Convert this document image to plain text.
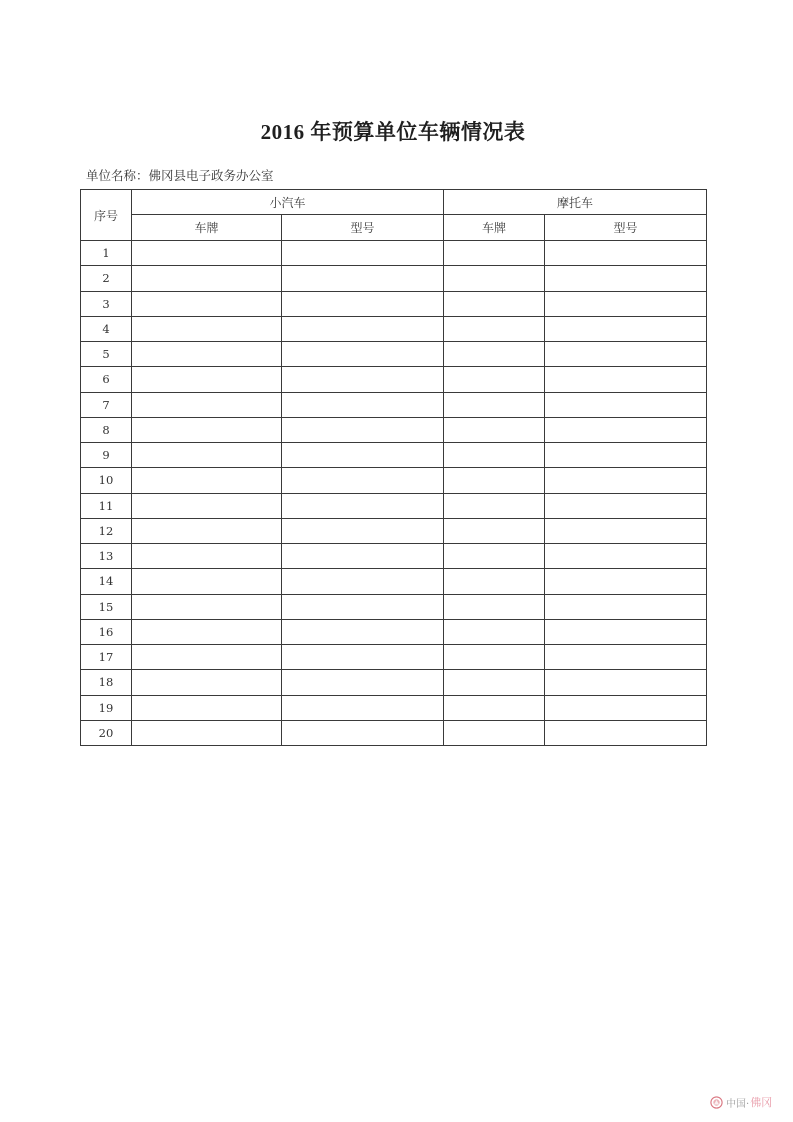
2016 年预算单位车辆情况表
单位名称：佛冈县电子政务办公室
序号	小汽车		摩托车	
	车牌	型号	车牌	型号
1				
2				
3				
4				
5				
6				
7				
8				
9				
10				
11				
12				
13				
14				
15				
16				
17				
18				
19				
20				
中国· 佛冈
